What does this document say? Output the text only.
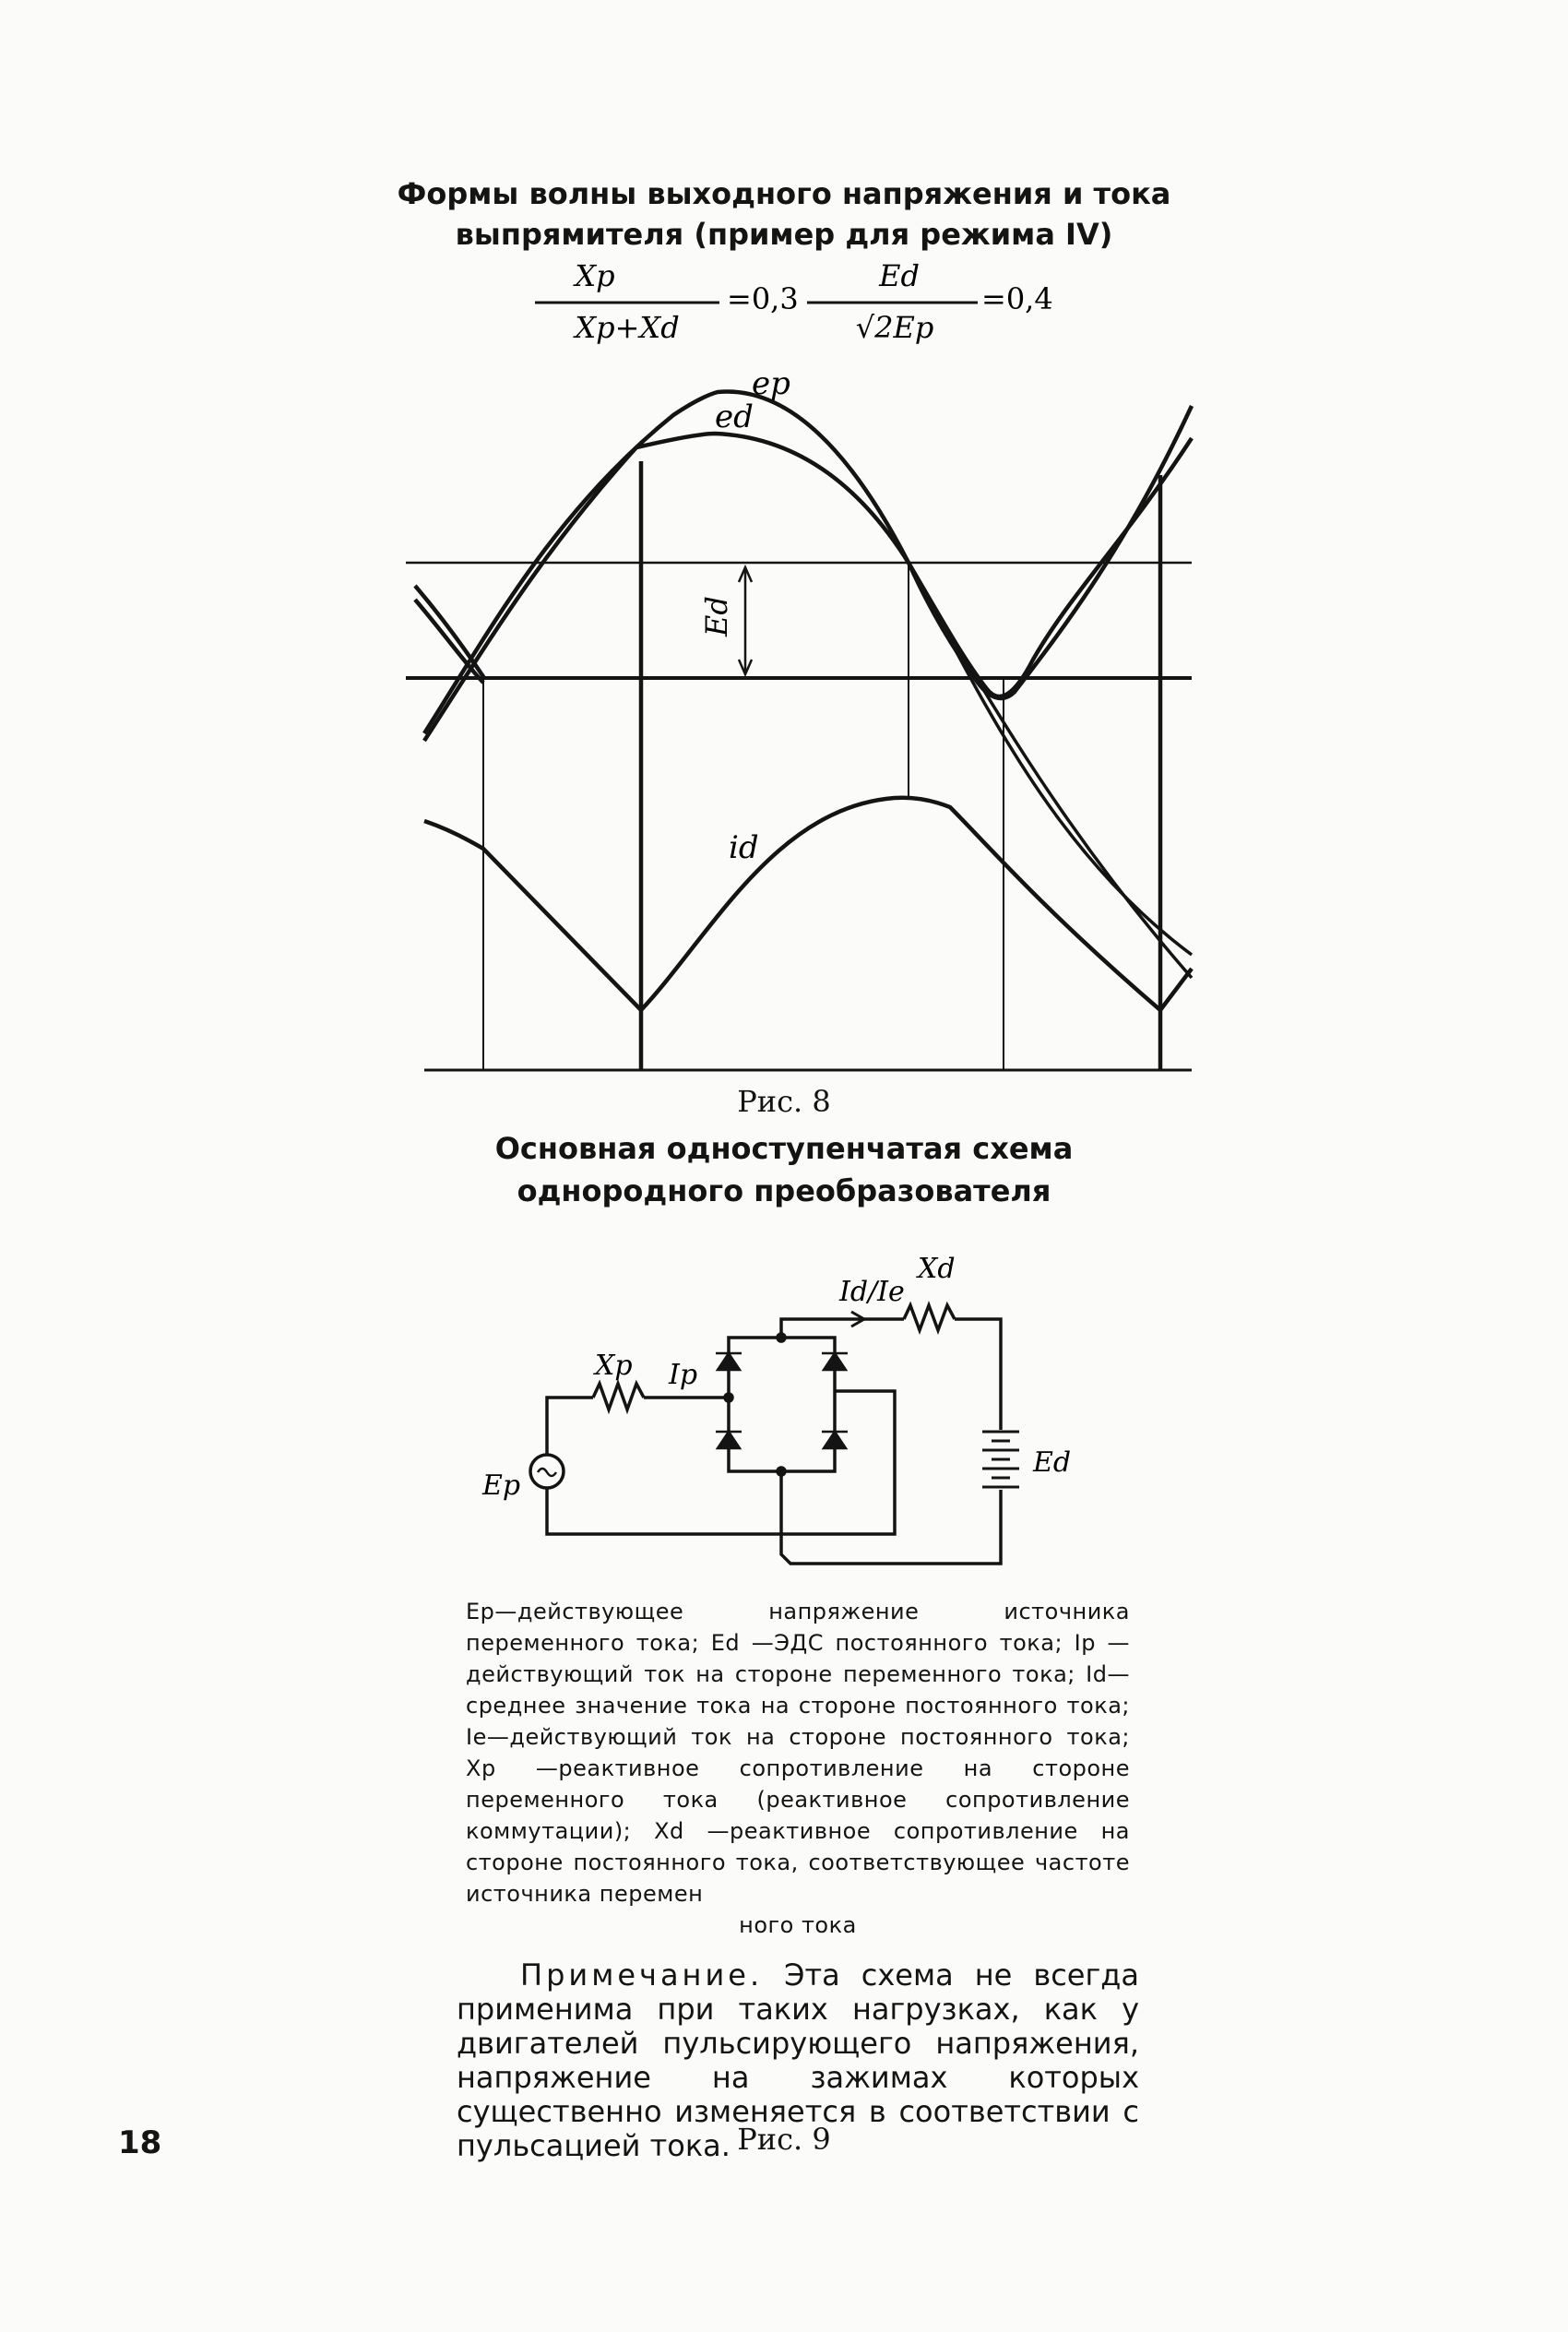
Формы волны выходного напряжения и тока
выпрямителя (пример для режима IV)
Xp
Xp+Xd
=0,3
Ed
√2Ep
=0,4
ep
ed
Ed
id
Рис. 8
Основная одноступенчатая схема
однородного преобразователя
Xp Ip
Ep
Id/Ie
Xd
Ed
Ep—действующее напряжение источника переменного тока; Ed —ЭДС постоянного тока; Ip —действующий ток на стороне переменного тока; Id—среднее значение тока на стороне постоянного тока; Ie—действующий ток на стороне постоянного тока; Xp —реактивное сопротивление на стороне переменного тока (реактивное сопротивление коммутации); Xd —реактивное сопротивление на стороне постоянного тока, соответствующее частоте источника перемен
ного тока
Примечание. Эта схема не всегда применима при таких нагрузках, как у двигателей пульсирующего напряжения, напряжение на зажимах которых существенно изменяется в соответствии с пульсацией тока. Рис. 9
18
